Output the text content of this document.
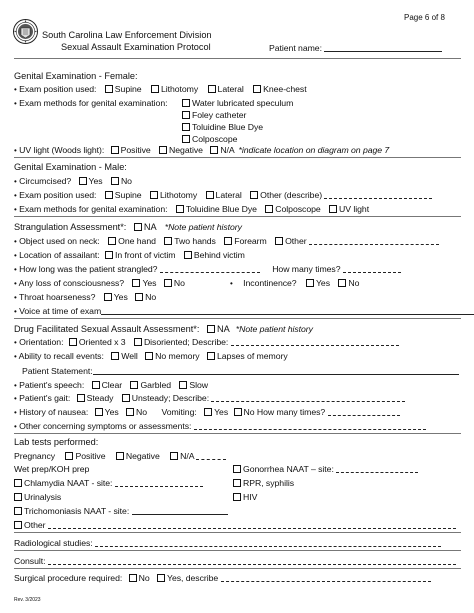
Page 6 of 8
South Carolina Law Enforcement Division
Sexual Assault Examination Protocol	Patient name:
Genital Examination - Female:
• Exam position used: Supine Lithotomy Lateral Knee-chest
• Exam methods for genital examination:	Water lubricated speculum
Foley catheter
Toluidine Blue Dye
Colposcope
• UV light (Woods light): Positive Negative N/A *indicate location on diagram on page 7
Genital Examination - Male:
• Circumcised? Yes No
• Exam position used: Supine Lithotomy Lateral Other (describe)
• Exam methods for genital examination: Toluidine Blue Dye Colposcope UV light
Strangulation Assessment*: NA *Note patient history
• Object used on neck: One hand Two hands Forearm Other
• Location of assailant: In front of victim Behind victim
• How long was the patient strangled?	How many times?
• Any loss of consciousness? Yes No	• Incontinence? Yes No
• Throat hoarseness? Yes No
• Voice at time of exam
Drug Facilitated Sexual Assault Assessment*: NA *Note patient history
• Orientation: Oriented x 3 Disoriented; Describe:
• Ability to recall events: Well No memory Lapses of memory
Patient Statement:
• Patient's speech: Clear Garbled Slow
• Patient's gait: Steady Unsteady; Describe:
• History of nausea: Yes No Vomiting: Yes No How many times?
• Other concerning symptoms or assessments:
Lab tests performed:
Pregnancy Positive Negative N/A
Wet prep/KOH prep	Gonorrhea NAAT – site:
Chlamydia NAAT - site:	RPR, syphilis
Urinalysis	HIV
Trichomoniasis NAAT - site:
Other
Radiological studies:
Consult:
Surgical procedure required: No Yes, describe
Rev. 3/2023
